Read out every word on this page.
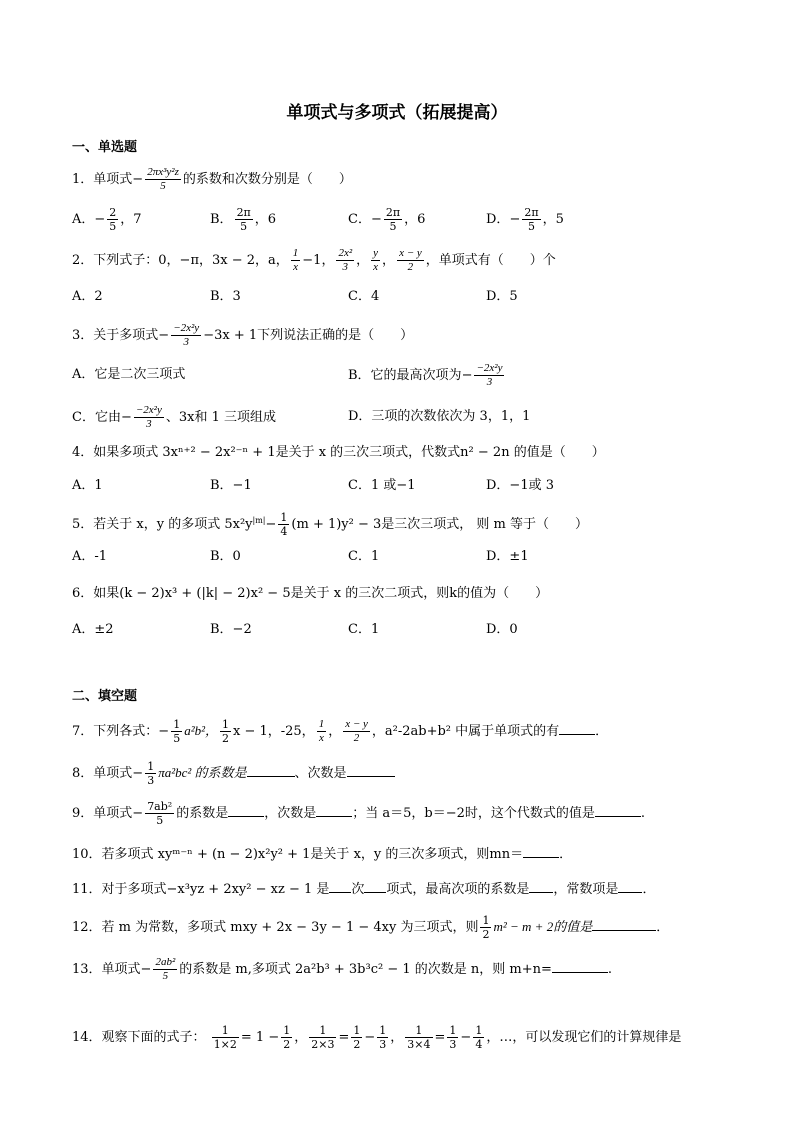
单项式与多项式（拓展提高）
一、单选题
1．单项式− $\frac{\text{2πx³y²z}}{5}$ 的系数和次数分别是（　　）
A．− $\frac{2}{5}$ ，7	B． $\frac{2\pi}{5}$ ，6	C．− $\frac{2\pi}{5}$ ，6	D．− $\frac{2\pi}{5}$ ，5
2．下列式子：0，−π，3x − 2，a， $\frac{1}{x} -1$， $\frac{\text{2x²}}{3}$ ， $\frac{y}{x}$ ， $\frac{x - y}{2}$ ，单项式有（　　）个
A．2	B．3	C．4	D．5
3．关于多项式− $\frac{\text{−2x²y}}{3} -3x + 1$下列说法正确的是（　　）
A．它是二次三项式	B．它的最高次项为− $\frac{\text{−2x²y}}{3}$
C．它由− $\frac{\text{−2x²y}}{3}$ 、3x和 1 三项组成	D．三项的次数依次为 3，1，1
4．如果多项式 3xⁿ⁺² − 2x²⁻ⁿ + 1是关于 x 的三次三项式，代数式n² − 2n 的值是（　　）
A．1	B．−1	C．1 或−1	D．−1或 3
5．若关于 x，y 的多项式 $5x^2y^{|m|}- \frac{1}{4} (m + 1)y^2 - 3$是三次三项式， 则 m 等于（　　）
A．-1	B．0	C．1	D．±1
6．如果(k − 2)x³ + (|k| − 2)x² − 5是关于 x 的三次二项式，则k的值为（　　）
A．±2	B．−2	C．1	D．0
二、填空题
7．下列各式：− $\frac{1}{5} a^2b^2$， $\frac{1}{2}$ x − 1，-25， $\frac{1}{x}$ ， $\frac{x - y}{2}$ ，a²-2ab+b² 中属于单项式的有	．
8．单项式− $\frac{1}{3} \pi a^2bc^2$ 的系数是	、次数是
9．单项式− $\frac{\text{7ab²}}{5}$ 的系数是	，次数是	；当 a＝5，b＝−2时，这个代数式的值是	.
10．若多项式 xyᵐ⁻ⁿ + (n − 2)x²y² + 1是关于 x，y 的三次多项式，则mn＝	．
11．对于多项式−x³yz + 2xy² − xz − 1 是 次 项式，最高次项的系数是 ，常数项是 ．
12．若 m 为常数，多项式 mxy + 2x − 3y − 1 − 4xy 为三项式，则 $\frac{1}{2} m^2 - m + 2$的值是	．
13．单项式− $\frac{\text{2ab²}}{5}$ 的系数是 m,多项式 2a²b³ + 3b³c² − 1 的次数是 n，则 m+n=	.
14．观察下面的式子： $\frac{1}{1\times 2} = 1 - \frac{1}{2}$ ， $\frac{1}{2\times 3} = \frac{1}{2} - \frac{1}{3}$ ， $\frac{1}{3\times 4} = \frac{1}{3} - \frac{1}{4}$ ，…，可以发现它们的计算规律是
